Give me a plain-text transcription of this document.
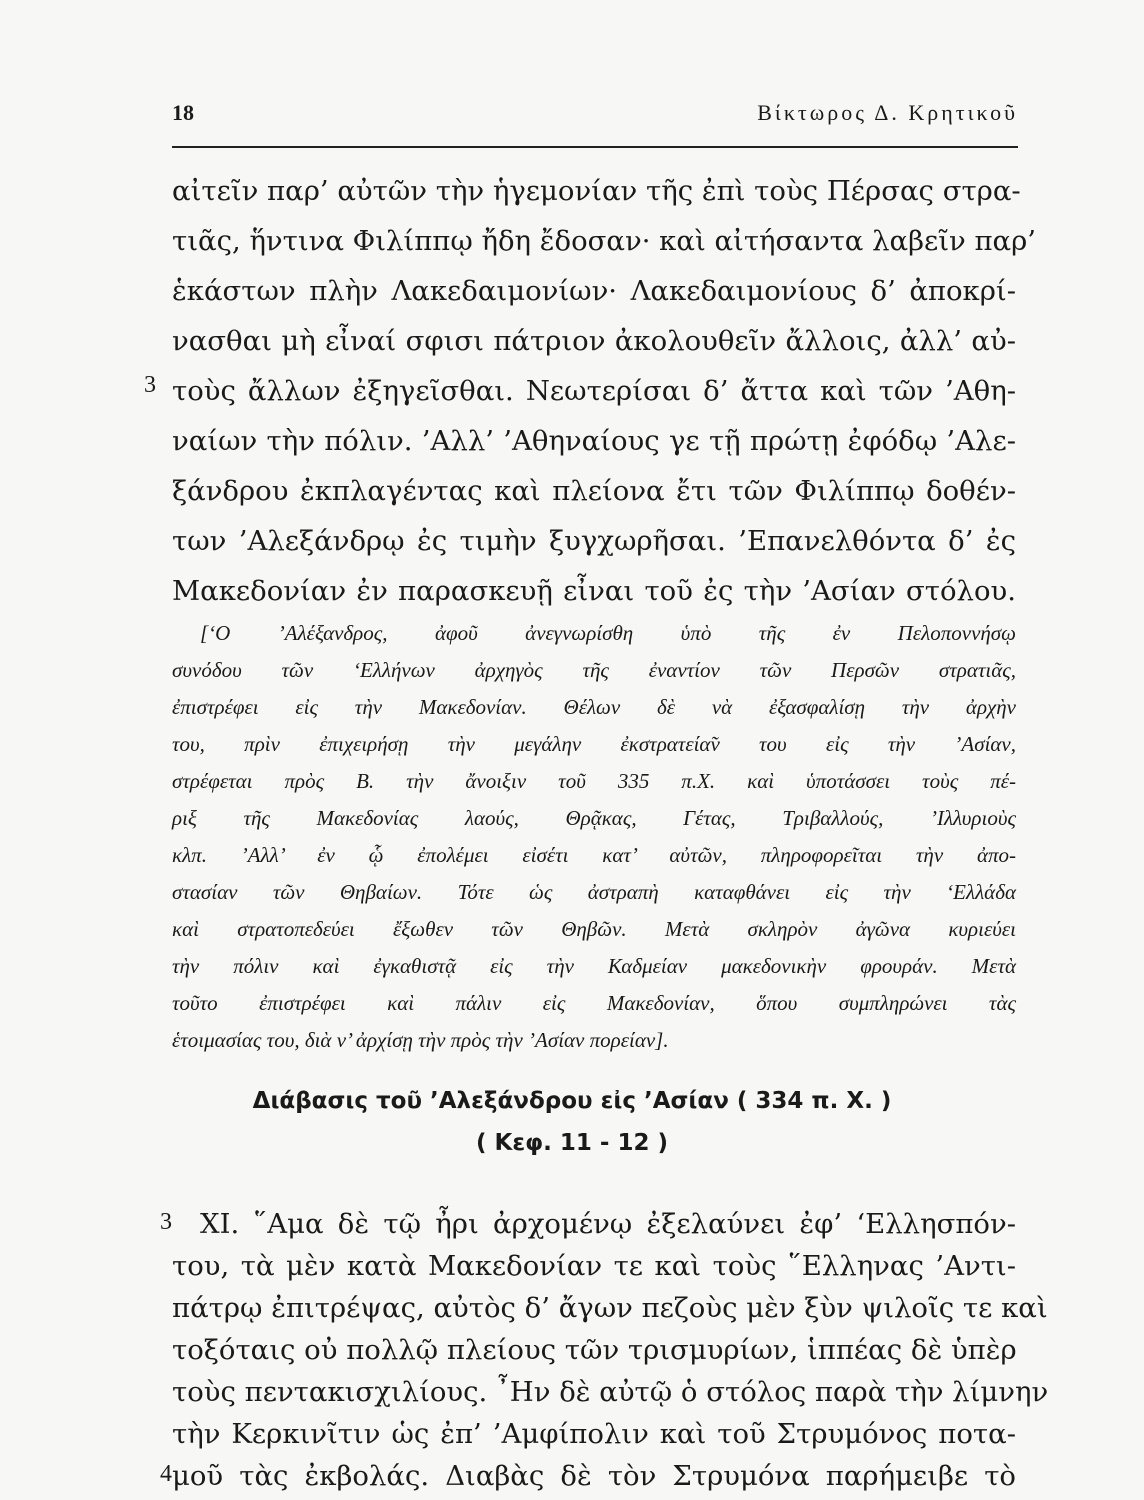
18	Βίκτωρος Δ. Κρητικοῦ
αἰτεῖν παρ’ αὐτῶν τὴν ἡγεμονίαν τῆς ἐπὶ τοὺς Πέρσας στρα-
τιᾶς, ἥντινα Φιλίππῳ ἤδη ἔδοσαν· καὶ αἰτήσαντα λαβεῖν παρ’
ἑκάστων πλὴν Λακεδαιμονίων· Λακεδαιμονίους δ’ ἀποκρί-
νασθαι μὴ εἶναί σφισι πάτριον ἀκολουθεῖν ἄλλοις, ἀλλ’ αὐ-
τοὺς ἄλλων ἐξηγεῖσθαι. Νεωτερίσαι δ’ ἄττα καὶ τῶν ’Αθη-
ναίων τὴν πόλιν. ’Αλλ’ ’Αθηναίους γε τῇ πρώτῃ ἐφόδῳ ’Αλε-
ξάνδρου ἐκπλαγέντας καὶ πλείονα ἔτι τῶν Φιλίππῳ δοθέν-
των ’Αλεξάνδρῳ ἐς τιμὴν ξυγχωρῆσαι. ’Επανελθόντα δ’ ἐς
Μακεδονίαν ἐν παρασκευῇ εἶναι τοῦ ἐς τὴν ’Ασίαν στόλου.
3
[‘Ο ’Αλέξανδρος, ἀφοῦ ἀνεγνωρίσθη ὑπὸ τῆς ἐν Πελοποννήσῳ
συνόδου τῶν ‘Ελλήνων ἀρχηγὸς τῆς ἐναντίον τῶν Περσῶν στρατιᾶς,
ἐπιστρέφει εἰς τὴν Μακεδονίαν. Θέλων δὲ νὰ ἐξασφαλίσῃ τὴν ἀρχὴν
του, πρὶν ἐπιχειρήσῃ τὴν μεγάλην ἐκστρατεία̃ν του εἰς τὴν ’Ασίαν,
στρέφεται πρὸς Β. τὴν ἄνοιξιν τοῦ 335 π.Χ. καὶ ὑποτάσσει τοὺς πέ-
ριξ τῆς Μακεδονίας λαούς, Θρᾷκας, Γέτας, Τριβαλλούς, ’Ιλλυριοὺς
κλπ. ’Αλλ’ ἐν ᾧ ἐπολέμει εἰσέτι κατ’ αὐτῶν, πληροφορεῖται τὴν ἀπο-
στασίαν τῶν Θηβαίων. Τότε ὡς ἀστραπὴ καταφθάνει εἰς τὴν ‘Ελλάδα
καὶ στρατοπεδεύει ἔξωθεν τῶν Θηβῶν. Μετὰ σκληρὸν ἀγῶνα κυριεύει
τὴν πόλιν καὶ ἐγκαθιστᾷ εἰς τὴν Καδμείαν μακεδονικὴν φρουράν. Μετὰ
τοῦτο ἐπιστρέφει καὶ πάλιν εἰς Μακεδονίαν, ὅπου συμπληρώνει τὰς
ἑτοιμασίας του, διὰ ν’ ἀρχίσῃ τὴν πρὸς τὴν ’Ασίαν πορείαν].
Διάβασις τοῦ ’Αλεξάνδρου εἰς ’Ασίαν ( 334 π. Χ. )
( Κεφ. 11 - 12 )
XI. ῞Αμα δὲ τῷ ἦρι ἀρχομένῳ ἐξελαύνει ἐφ’ ‘Ελλησπόν-
του, τὰ μὲν κατὰ Μακεδονίαν τε καὶ τοὺς ῞Ελληνας ’Αντι-
πάτρῳ ἐπιτρέψας, αὐτὸς δ’ ἄγων πεζοὺς μὲν ξὺν ψιλοῖς τε καὶ
τοξόταις οὐ πολλῷ πλείους τῶν τρισμυρίων, ἱππέας δὲ ὑπὲρ
τοὺς πεντακισχιλίους. ῏Ην δὲ αὐτῷ ὁ στόλος παρὰ τὴν λίμνην
τὴν Κερκινῖτιν ὡς ἐπ’ ’Αμφίπολιν καὶ τοῦ Στρυμόνος ποτα-
μοῦ τὰς ἐκβολάς. Διαβὰς δὲ τὸν Στρυμόνα παρήμειβε τὸ
3
4
